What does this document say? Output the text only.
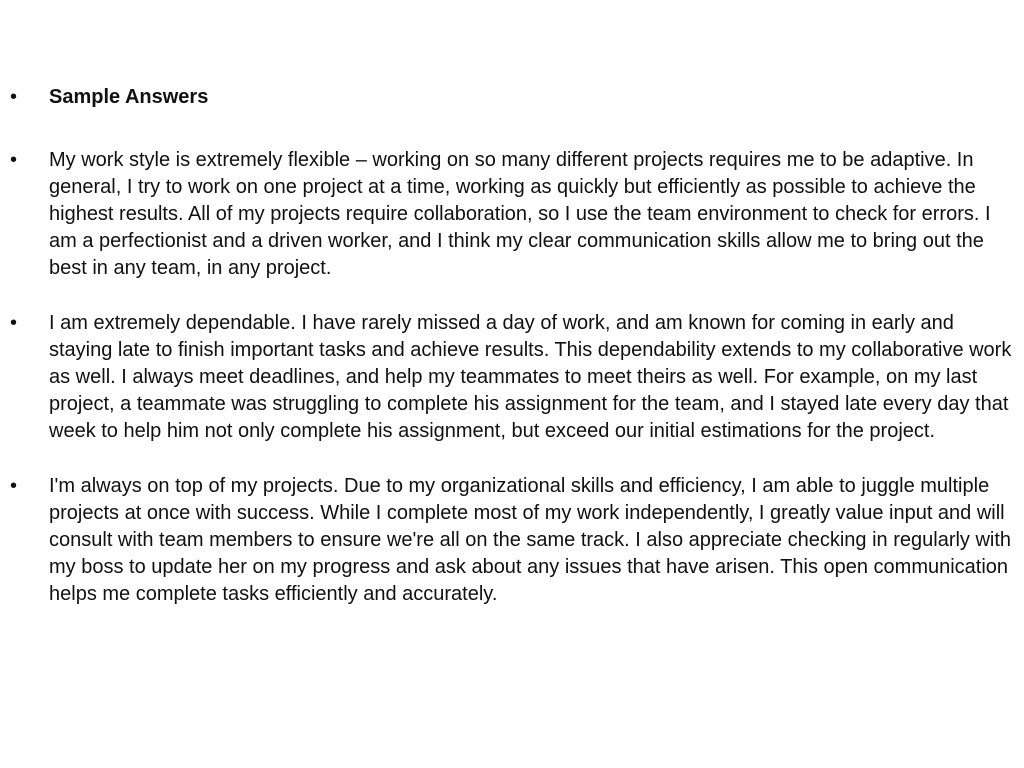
•	Sample Answers
•	My work style is extremely flexible – working on so many different projects requires me to be adaptive. In general, I try to work on one project at a time, working as quickly but efficiently as possible to achieve the highest results. All of my projects require collaboration, so I use the team environment to check for errors. I am a perfectionist and a driven worker, and I think my clear communication skills allow me to bring out the best in any team, in any project.
•	I am extremely dependable. I have rarely missed a day of work, and am known for coming in early and staying late to finish important tasks and achieve results. This dependability extends to my collaborative work as well. I always meet deadlines, and help my teammates to meet theirs as well. For example, on my last project, a teammate was struggling to complete his assignment for the team, and I stayed late every day that week to help him not only complete his assignment, but exceed our initial estimations for the project.
•	I'm always on top of my projects. Due to my organizational skills and efficiency, I am able to juggle multiple projects at once with success. While I complete most of my work independently, I greatly value input and will consult with team members to ensure we're all on the same track. I also appreciate checking in regularly with my boss to update her on my progress and ask about any issues that have arisen. This open communication helps me complete tasks efficiently and accurately.
